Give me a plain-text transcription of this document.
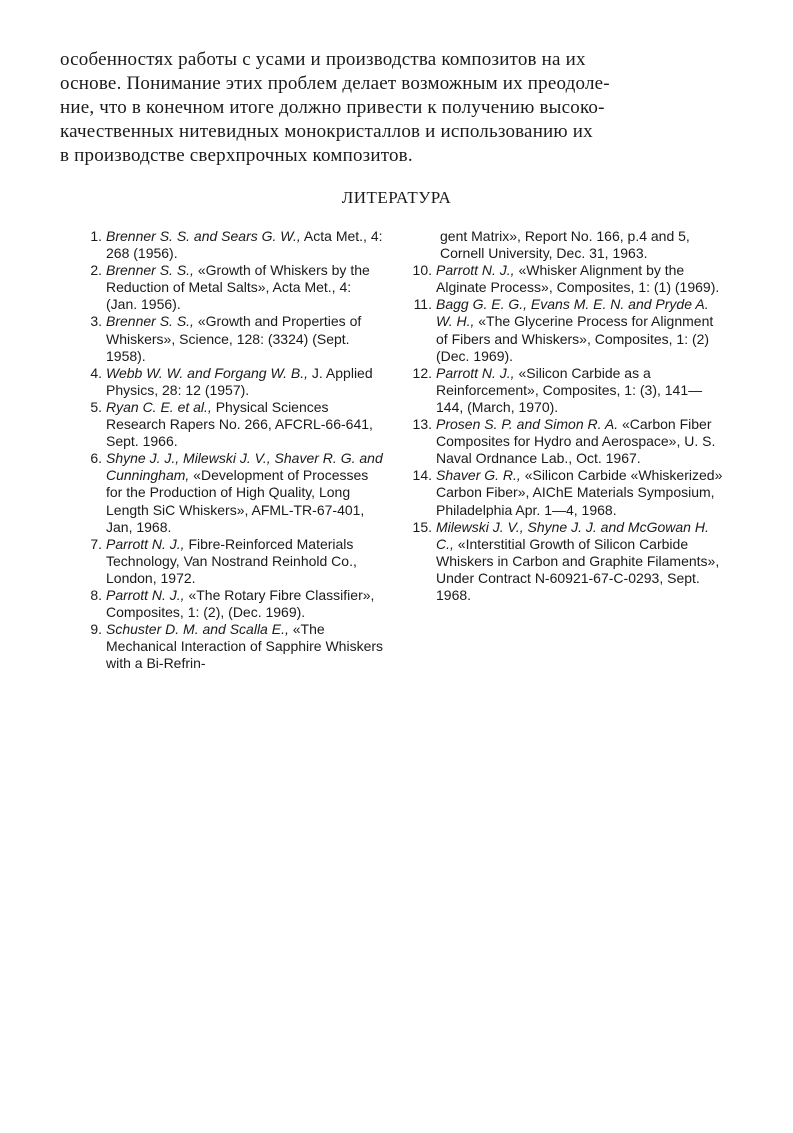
особенностях работы с усами и производства композитов на их
основе. Понимание этих проблем делает возможным их преодоле-
ние, что в конечном итоге должно привести к получению высоко-
качественных нитевидных монокристаллов и использованию их
в производстве сверхпрочных композитов.
ЛИТЕРАТУРА
1. Brenner S. S. and Sears G. W., Acta Met., 4: 268 (1956).
2. Brenner S. S., «Growth of Whiskers by the Reduction of Metal Salts», Acta Met., 4: (Jan. 1956).
3. Brenner S. S., «Growth and Properties of Whiskers», Science, 128: (3324) (Sept. 1958).
4. Webb W. W. and Forgang W. B., J. Applied Physics, 28: 12 (1957).
5. Ryan C. E. et al., Physical Sciences Research Rapers No. 266, AFCRL-66-641, Sept. 1966.
6. Shyne J. J., Milewski J. V., Shaver R. G. and Cunningham, «Development of Processes for the Production of High Quality, Long Length SiC Whiskers», AFML-TR-67-401, Jan, 1968.
7. Parrott N. J., Fibre-Reinforced Materials Technology, Van Nostrand Reinhold Co., London, 1972.
8. Parrott N. J., «The Rotary Fibre Classifier», Composites, 1: (2), (Dec. 1969).
9. Schuster D. M. and Scalla E., «The Mechanical Interaction of Sapphire Whiskers with a Bi-Refrin-
gent Matrix», Report No. 166, p.4 and 5, Cornell University, Dec. 31, 1963.
10. Parrott N. J., «Whisker Alignment by the Alginate Process», Composites, 1: (1) (1969).
11. Bagg G. E. G., Evans M. E. N. and Pryde A. W. H., «The Glycerine Process for Alignment of Fibers and Whiskers», Composites, 1: (2) (Dec. 1969).
12. Parrott N. J., «Silicon Carbide as a Reinforcement», Composites, 1: (3), 141—144, (March, 1970).
13. Prosen S. P. and Simon R. A. «Carbon Fiber Composites for Hydro and Aerospace», U. S. Naval Ordnance Lab., Oct. 1967.
14. Shaver G. R., «Silicon Carbide «Whiskerized» Carbon Fiber», AIChE Materials Symposium, Philadelphia Apr. 1—4, 1968.
15. Milewski J. V., Shyne J. J. and McGowan H. C., «Interstitial Growth of Silicon Carbide Whiskers in Carbon and Graphite Filaments», Under Contract N-60921-67-C-0293, Sept. 1968.
